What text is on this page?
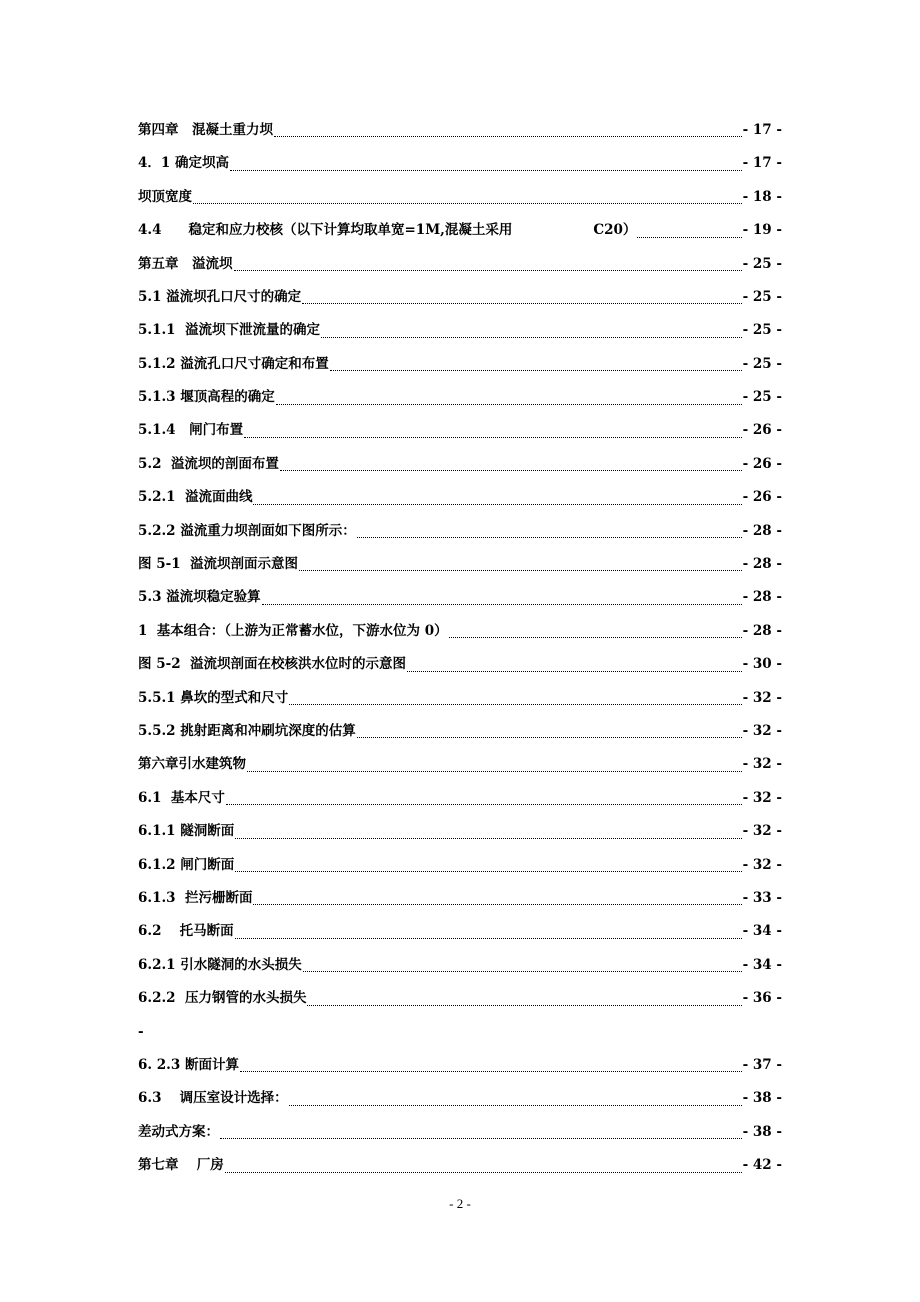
第四章　混凝土重力坝	- 17 -
4．1 确定坝高	- 17 -
坝顶宽度	- 18 -
4.4　　稳定和应力校核（以下计算均取单宽=1M,混凝土采用　　　　　　C20）	- 19 -
第五章　溢流坝	- 25 -
5.1 溢流坝孔口尺寸的确定	- 25 -
5.1.1  溢流坝下泄流量的确定	- 25 -
5.1.2 溢流孔口尺寸确定和布置	- 25 -
5.1.3 堰顶高程的确定	- 25 -
5.1.4　闸门布置	- 26 -
5.2  溢流坝的剖面布置	- 26 -
5.2.1  溢流面曲线	- 26 -
5.2.2 溢流重力坝剖面如下图所示：	- 28 -
图 5-1  溢流坝剖面示意图	- 28 -
5.3 溢流坝稳定验算	- 28 -
1  基本组合：（上游为正常蓄水位，下游水位为 0）	- 28 -
图 5-2  溢流坝剖面在校核洪水位时的示意图	- 30 -
5.5.1 鼻坎的型式和尺寸	- 32 -
5.5.2 挑射距离和冲刷坑深度的估算	- 32 -
第六章引水建筑物	- 32 -
6.1  基本尺寸	- 32 -
6.1.1 隧洞断面	- 32 -
6.1.2 闸门断面	- 32 -
6.1.3  拦污栅断面	- 33 -
6.2　 托马断面	- 34 -
6.2.1 引水隧洞的水头损失	- 34 -
6.2.2  压力钢管的水头损失	- 36 -
-
6. 2.3 断面计算	- 37 -
6.3　 调压室设计选择：	- 38 -
差动式方案：	- 38 -
第七章　 厂房	- 42 -
- 2 -
